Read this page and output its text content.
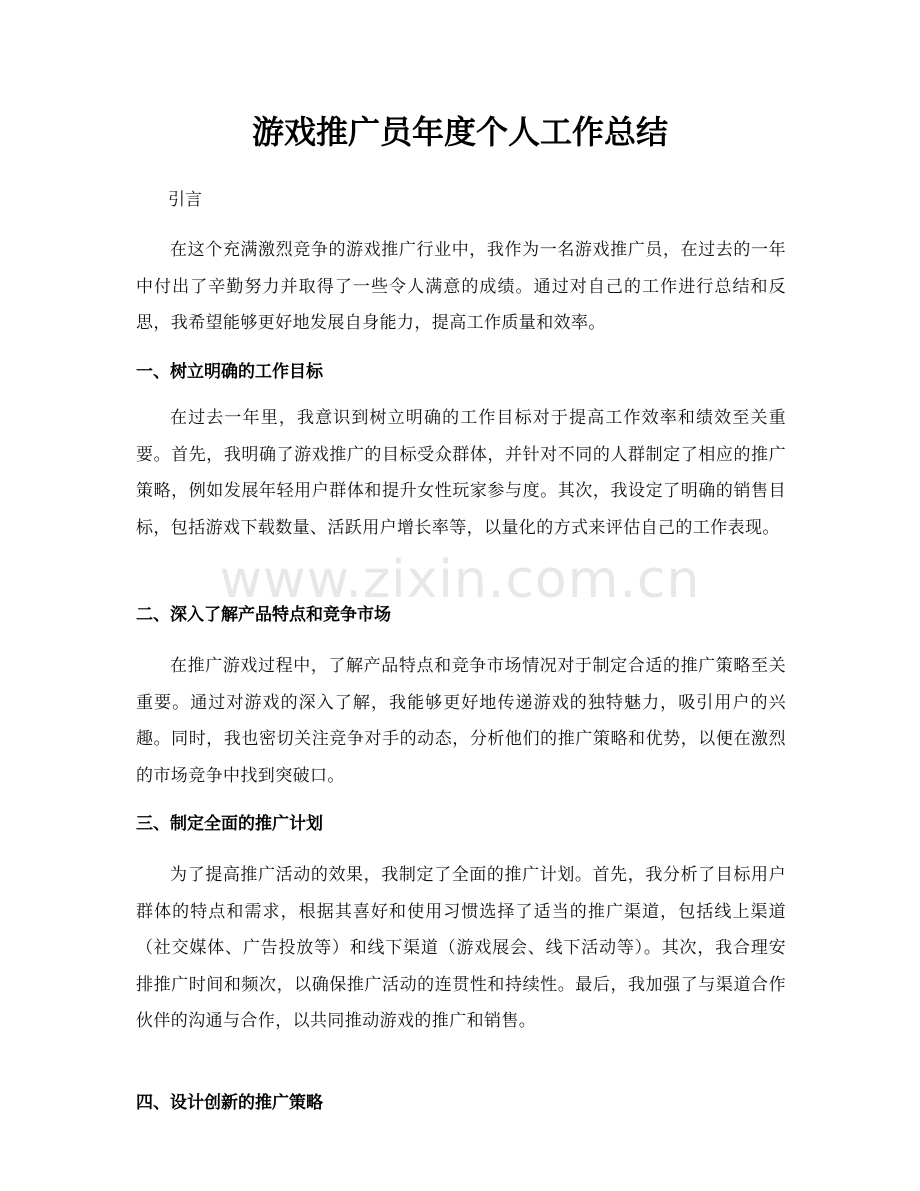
游戏推广员年度个人工作总结

引言

在这个充满激烈竞争的游戏推广行业中，我作为一名游戏推广员，在过去的一年中付出了辛勤努力并取得了一些令人满意的成绩。通过对自己的工作进行总结和反思，我希望能够更好地发展自身能力，提高工作质量和效率。

一、树立明确的工作目标

在过去一年里，我意识到树立明确的工作目标对于提高工作效率和绩效至关重要。首先，我明确了游戏推广的目标受众群体，并针对不同的人群制定了相应的推广策略，例如发展年轻用户群体和提升女性玩家参与度。其次，我设定了明确的销售目标，包括游戏下载数量、活跃用户增长率等，以量化的方式来评估自己的工作表现。

二、深入了解产品特点和竞争市场

在推广游戏过程中，了解产品特点和竞争市场情况对于制定合适的推广策略至关重要。通过对游戏的深入了解，我能够更好地传递游戏的独特魅力，吸引用户的兴趣。同时，我也密切关注竞争对手的动态，分析他们的推广策略和优势，以便在激烈的市场竞争中找到突破口。

三、制定全面的推广计划

为了提高推广活动的效果，我制定了全面的推广计划。首先，我分析了目标用户群体的特点和需求，根据其喜好和使用习惯选择了适当的推广渠道，包括线上渠道（社交媒体、广告投放等）和线下渠道（游戏展会、线下活动等）。其次，我合理安排推广时间和频次，以确保推广活动的连贯性和持续性。最后，我加强了与渠道合作伙伴的沟通与合作，以共同推动游戏的推广和销售。

四、设计创新的推广策略
www.zixin.com.cn
